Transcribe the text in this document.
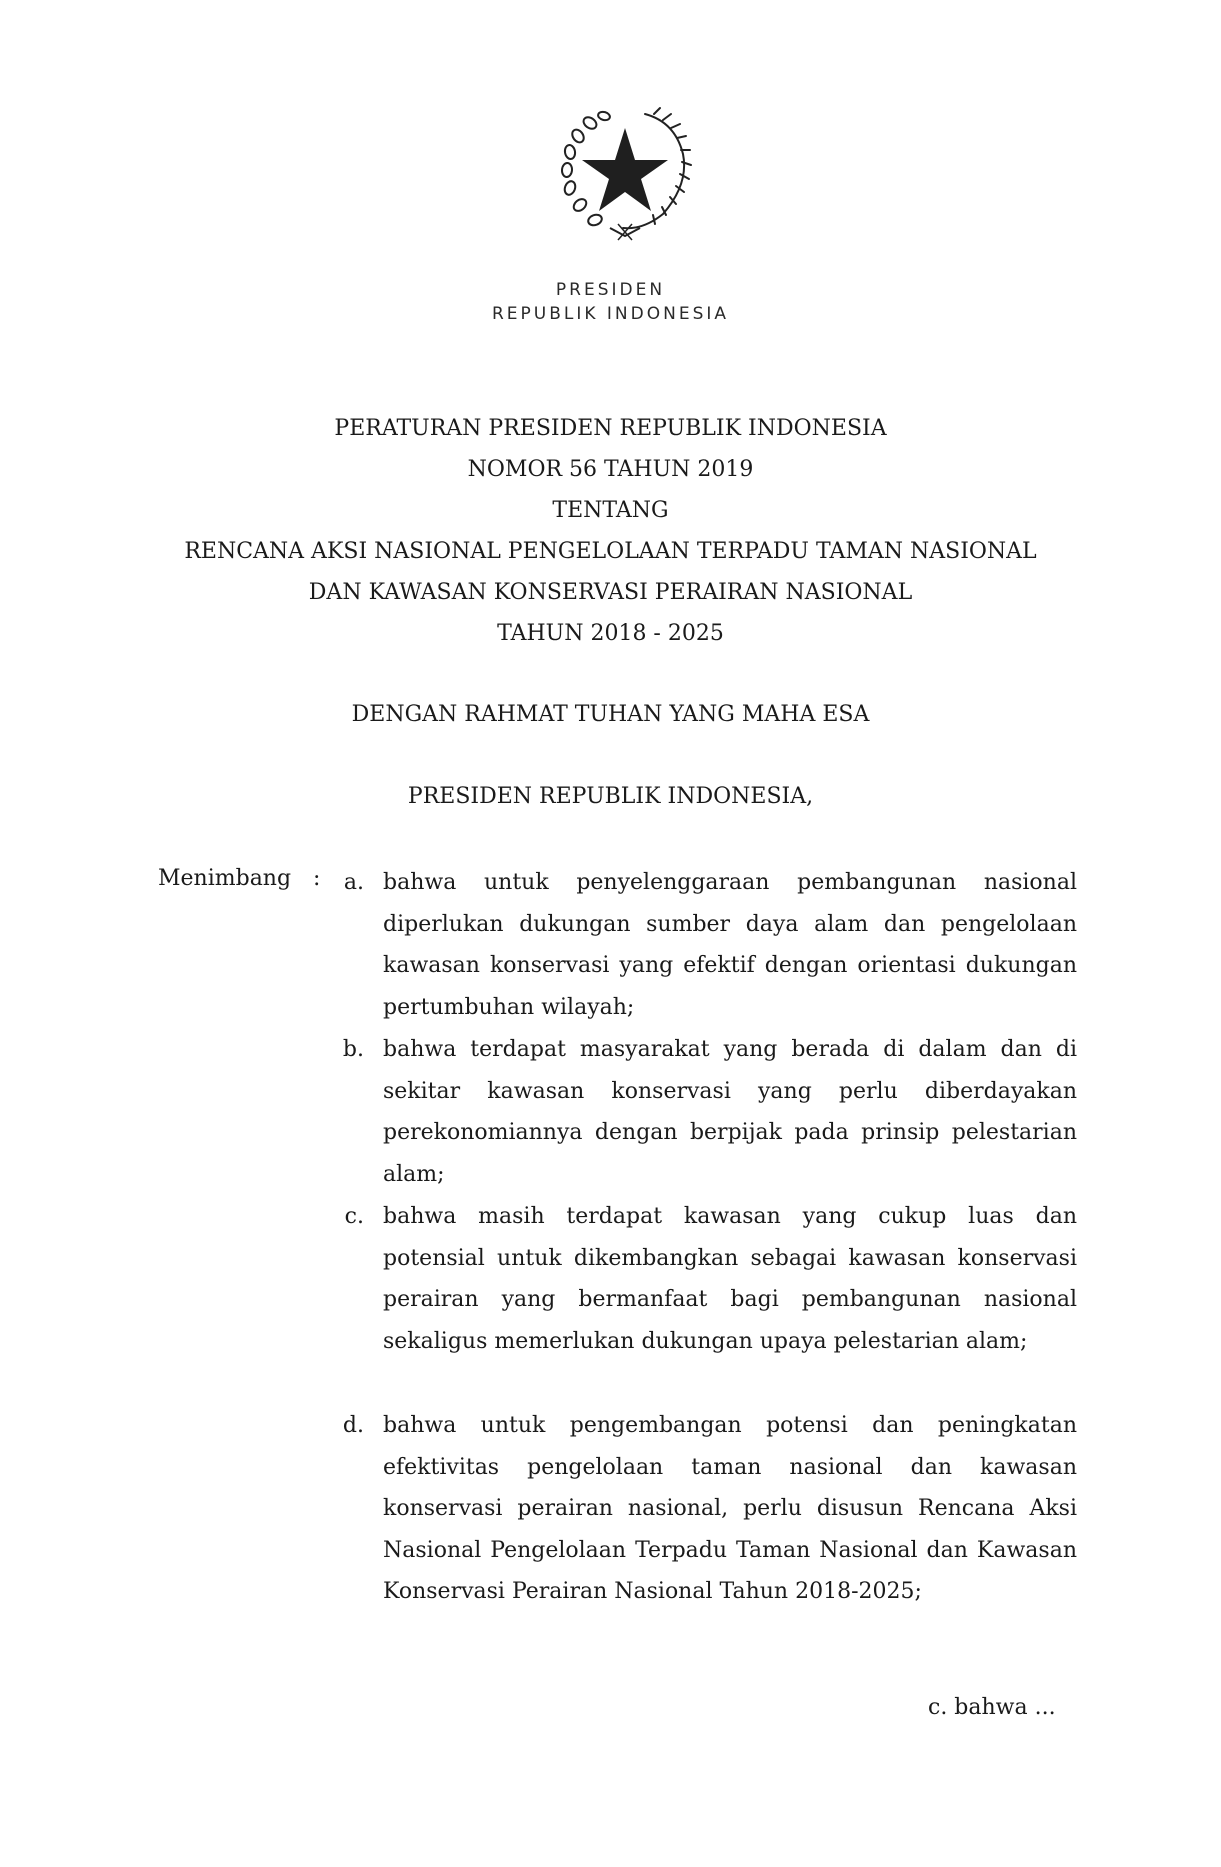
PRESIDEN
REPUBLIK INDONESIA
PERATURAN PRESIDEN REPUBLIK INDONESIA
NOMOR 56 TAHUN 2019
TENTANG
RENCANA AKSI NASIONAL PENGELOLAAN TERPADU TAMAN NASIONAL
DAN KAWASAN KONSERVASI PERAIRAN NASIONAL
TAHUN 2018 - 2025
DENGAN RAHMAT TUHAN YANG MAHA ESA
PRESIDEN REPUBLIK INDONESIA,
Menimbang :	a. bahwa untuk penyelenggaraan pembangunan nasional diperlukan dukungan sumber daya alam dan pengelolaan kawasan konservasi yang efektif dengan orientasi dukungan pertumbuhan wilayah;
b. bahwa terdapat masyarakat yang berada di dalam dan di sekitar kawasan konservasi yang perlu diberdayakan perekonomiannya dengan berpijak pada prinsip pelestarian alam;
c. bahwa masih terdapat kawasan yang cukup luas dan potensial untuk dikembangkan sebagai kawasan konservasi perairan yang bermanfaat bagi pembangunan nasional sekaligus memerlukan dukungan upaya pelestarian alam;
d. bahwa untuk pengembangan potensi dan peningkatan efektivitas pengelolaan taman nasional dan kawasan konservasi perairan nasional, perlu disusun Rencana Aksi Nasional Pengelolaan Terpadu Taman Nasional dan Kawasan Konservasi Perairan Nasional Tahun 2018-2025;
c. bahwa ...
